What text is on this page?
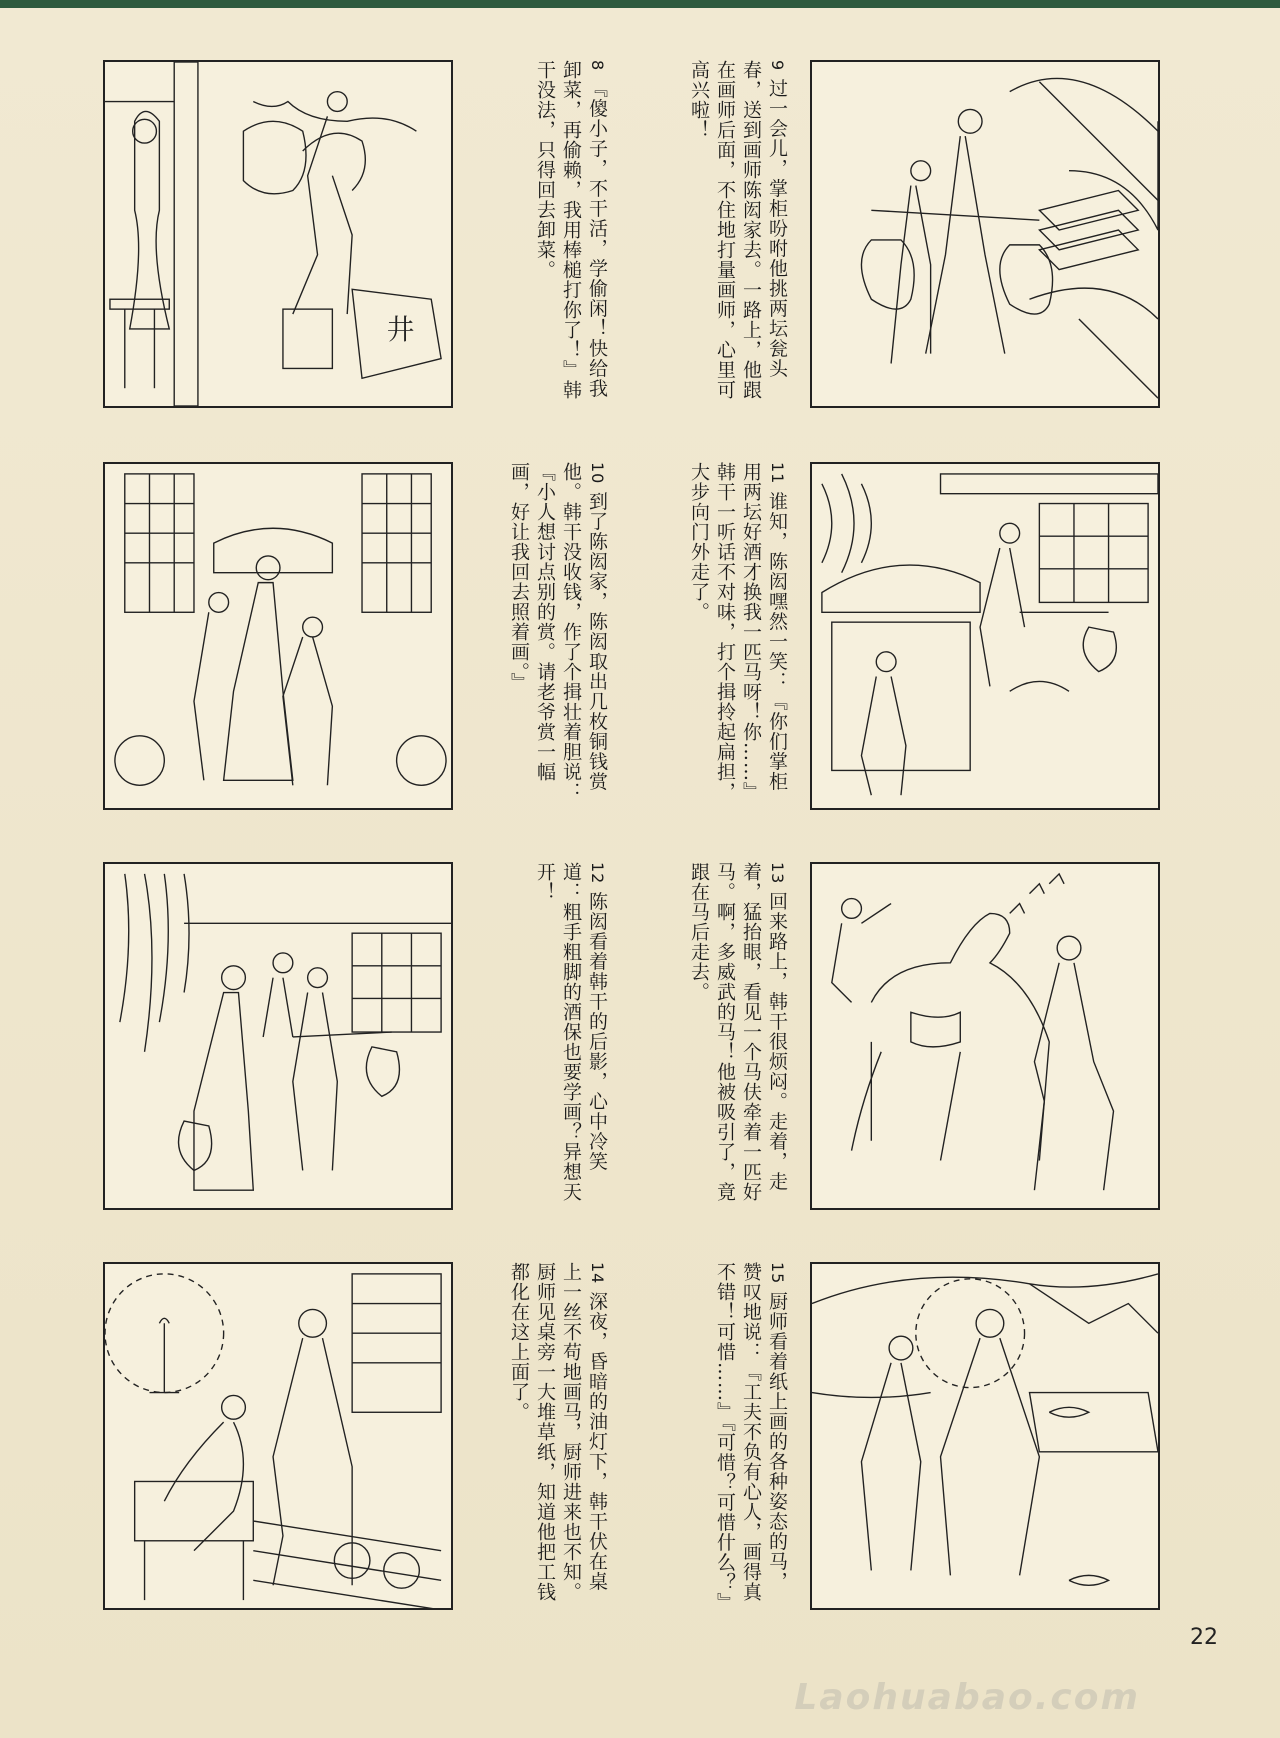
井
8 『傻小子，不干活，学偷闲！快给我卸菜，再偷赖，我用棒槌打你了！』韩干没法，只得回去卸菜。	9 过一会儿，掌柜吩咐他挑两坛瓮头春，送到画师陈闳家去。一路上，他跟在画师后面，不住地打量画师，心里可高兴啦！
10 到了陈闳家，陈闳取出几枚铜钱赏他。韩干没收钱，作了个揖壮着胆说：『小人想讨点别的赏。请老爷赏一幅画，好让我回去照着画。』	11 谁知，陈闳嘿然一笑：『你们掌柜用两坛好酒才换我一匹马呀！你……』韩干一听话不对味，打个揖拎起扁担，大步向门外走了。
12 陈闳看着韩干的后影，心中冷笑道：粗手粗脚的酒保也要学画？异想天开！	13 回来路上，韩干很烦闷。走着，走着，猛抬眼，看见一个马伕牵着一匹好马。啊，多威武的马！他被吸引了，竟跟在马后走去。
14 深夜，昏暗的油灯下，韩干伏在桌上一丝不苟地画马，厨师进来也不知。厨师见桌旁一大堆草纸，知道他把工钱都化在这上面了。	15 厨师看着纸上画的各种姿态的马，赞叹地说：『工夫不负有心人，画得真不错！可惜……』『可惜？可惜什么？』
22
Laohuabao.com
